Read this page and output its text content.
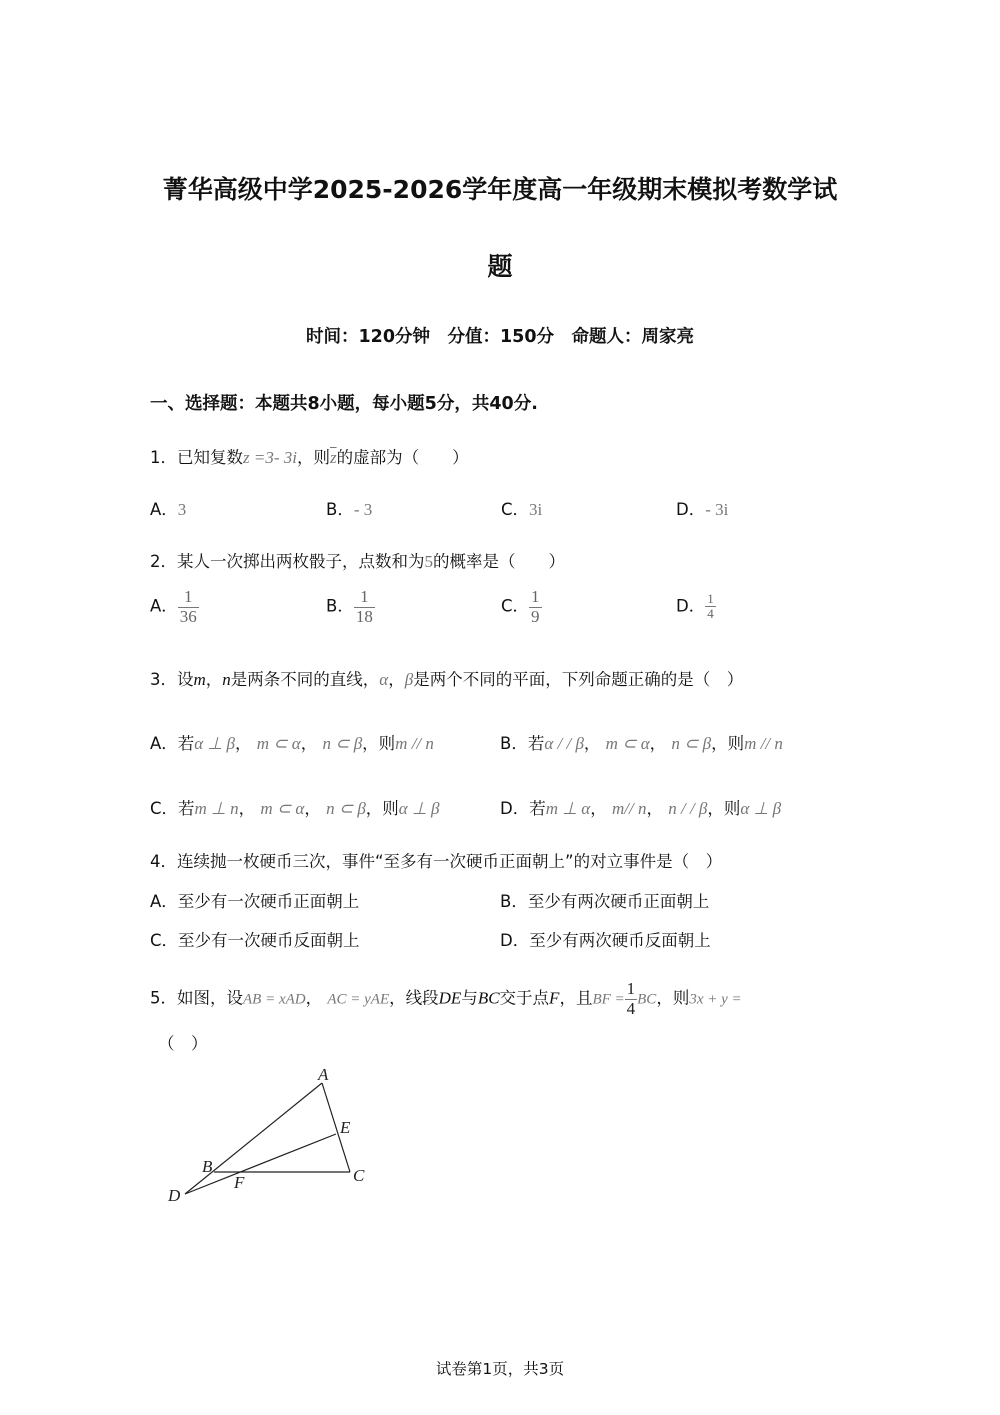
菁华高级中学2025-2026学年度高一年级期末模拟考数学试
题
时间：120分钟　分值：150分　命题人：周家亮
一、选择题：本题共8小题，每小题5分，共40分.
1．已知复数z =3- 3i，则$\overline{z}$的虚部为（　　）
A．3	B．- 3	C．3i	D．- 3i
2．某人一次掷出两枚骰子，点数和为5的概率是（　　）
A． $\frac{1}{36}$	B． $\frac{1}{18}$	C． $\frac{1}{9}$	D． $\frac{1}{4}$
3．设m，n是两条不同的直线，α，β是两个不同的平面，下列命题正确的是（　）
A．若α ⊥ β， m ⊂ α， n ⊂ β，则m // n	B．若α / / β， m ⊂ α， n ⊂ β，则m // n
C．若m ⊥ n， m ⊂ α， n ⊂ β，则α ⊥ β	D．若m ⊥ α， m// n， n / / β，则α ⊥ β
4．连续抛一枚硬币三次，事件“至多有一次硬币正面朝上”的对立事件是（　）
A．至少有一次硬币正面朝上	B．至少有两次硬币正面朝上
C．至少有一次硬币反面朝上	D．至少有两次硬币反面朝上
5．如图，设AB = xAD， AC = yAE，线段DE与BC交于点F，且BF = $\frac{1}{4}$ BC，则3x + y =
（　）
A
B	C
D
E
F
试卷第1页，共3页
